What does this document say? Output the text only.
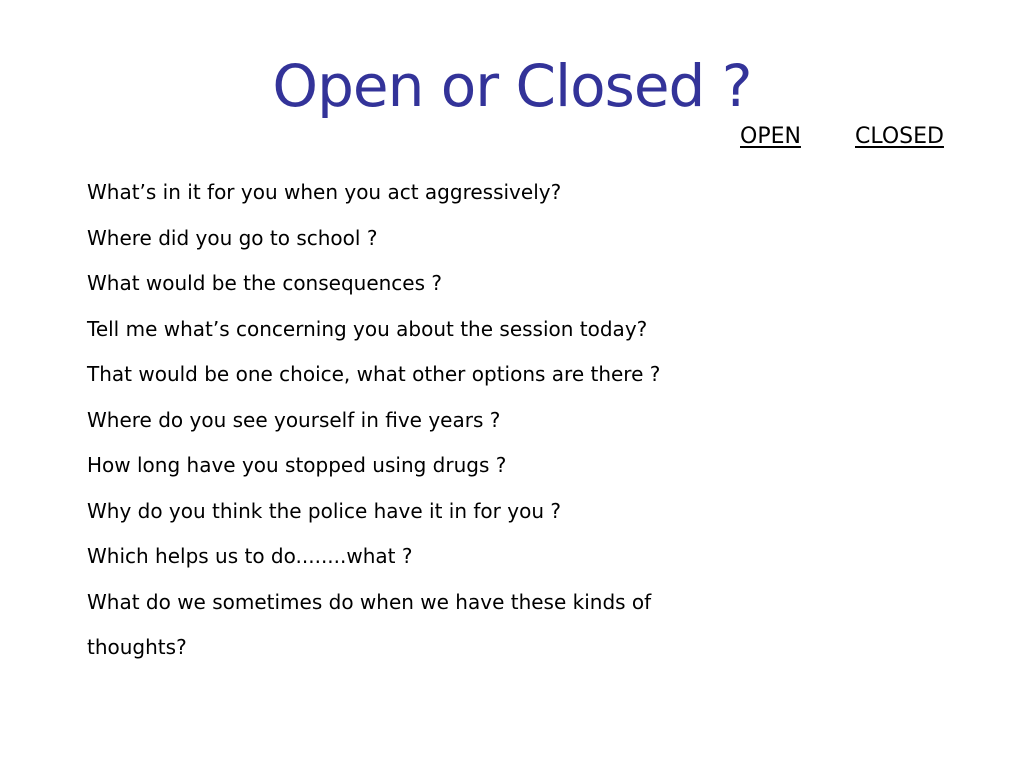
Open or Closed ?
OPEN CLOSED
What’s in it for you when you act aggressively?
Where did you go to school ?
What would be the consequences ?
Tell me what’s concerning you about the session today?
That would be one choice, what other options are there ?
Where do you see yourself in five years ?
How long have you stopped using drugs ?
Why do you think the police have it in for you ?
Which helps us to do........what ?
What do we sometimes do when we have these kinds of
thoughts?
